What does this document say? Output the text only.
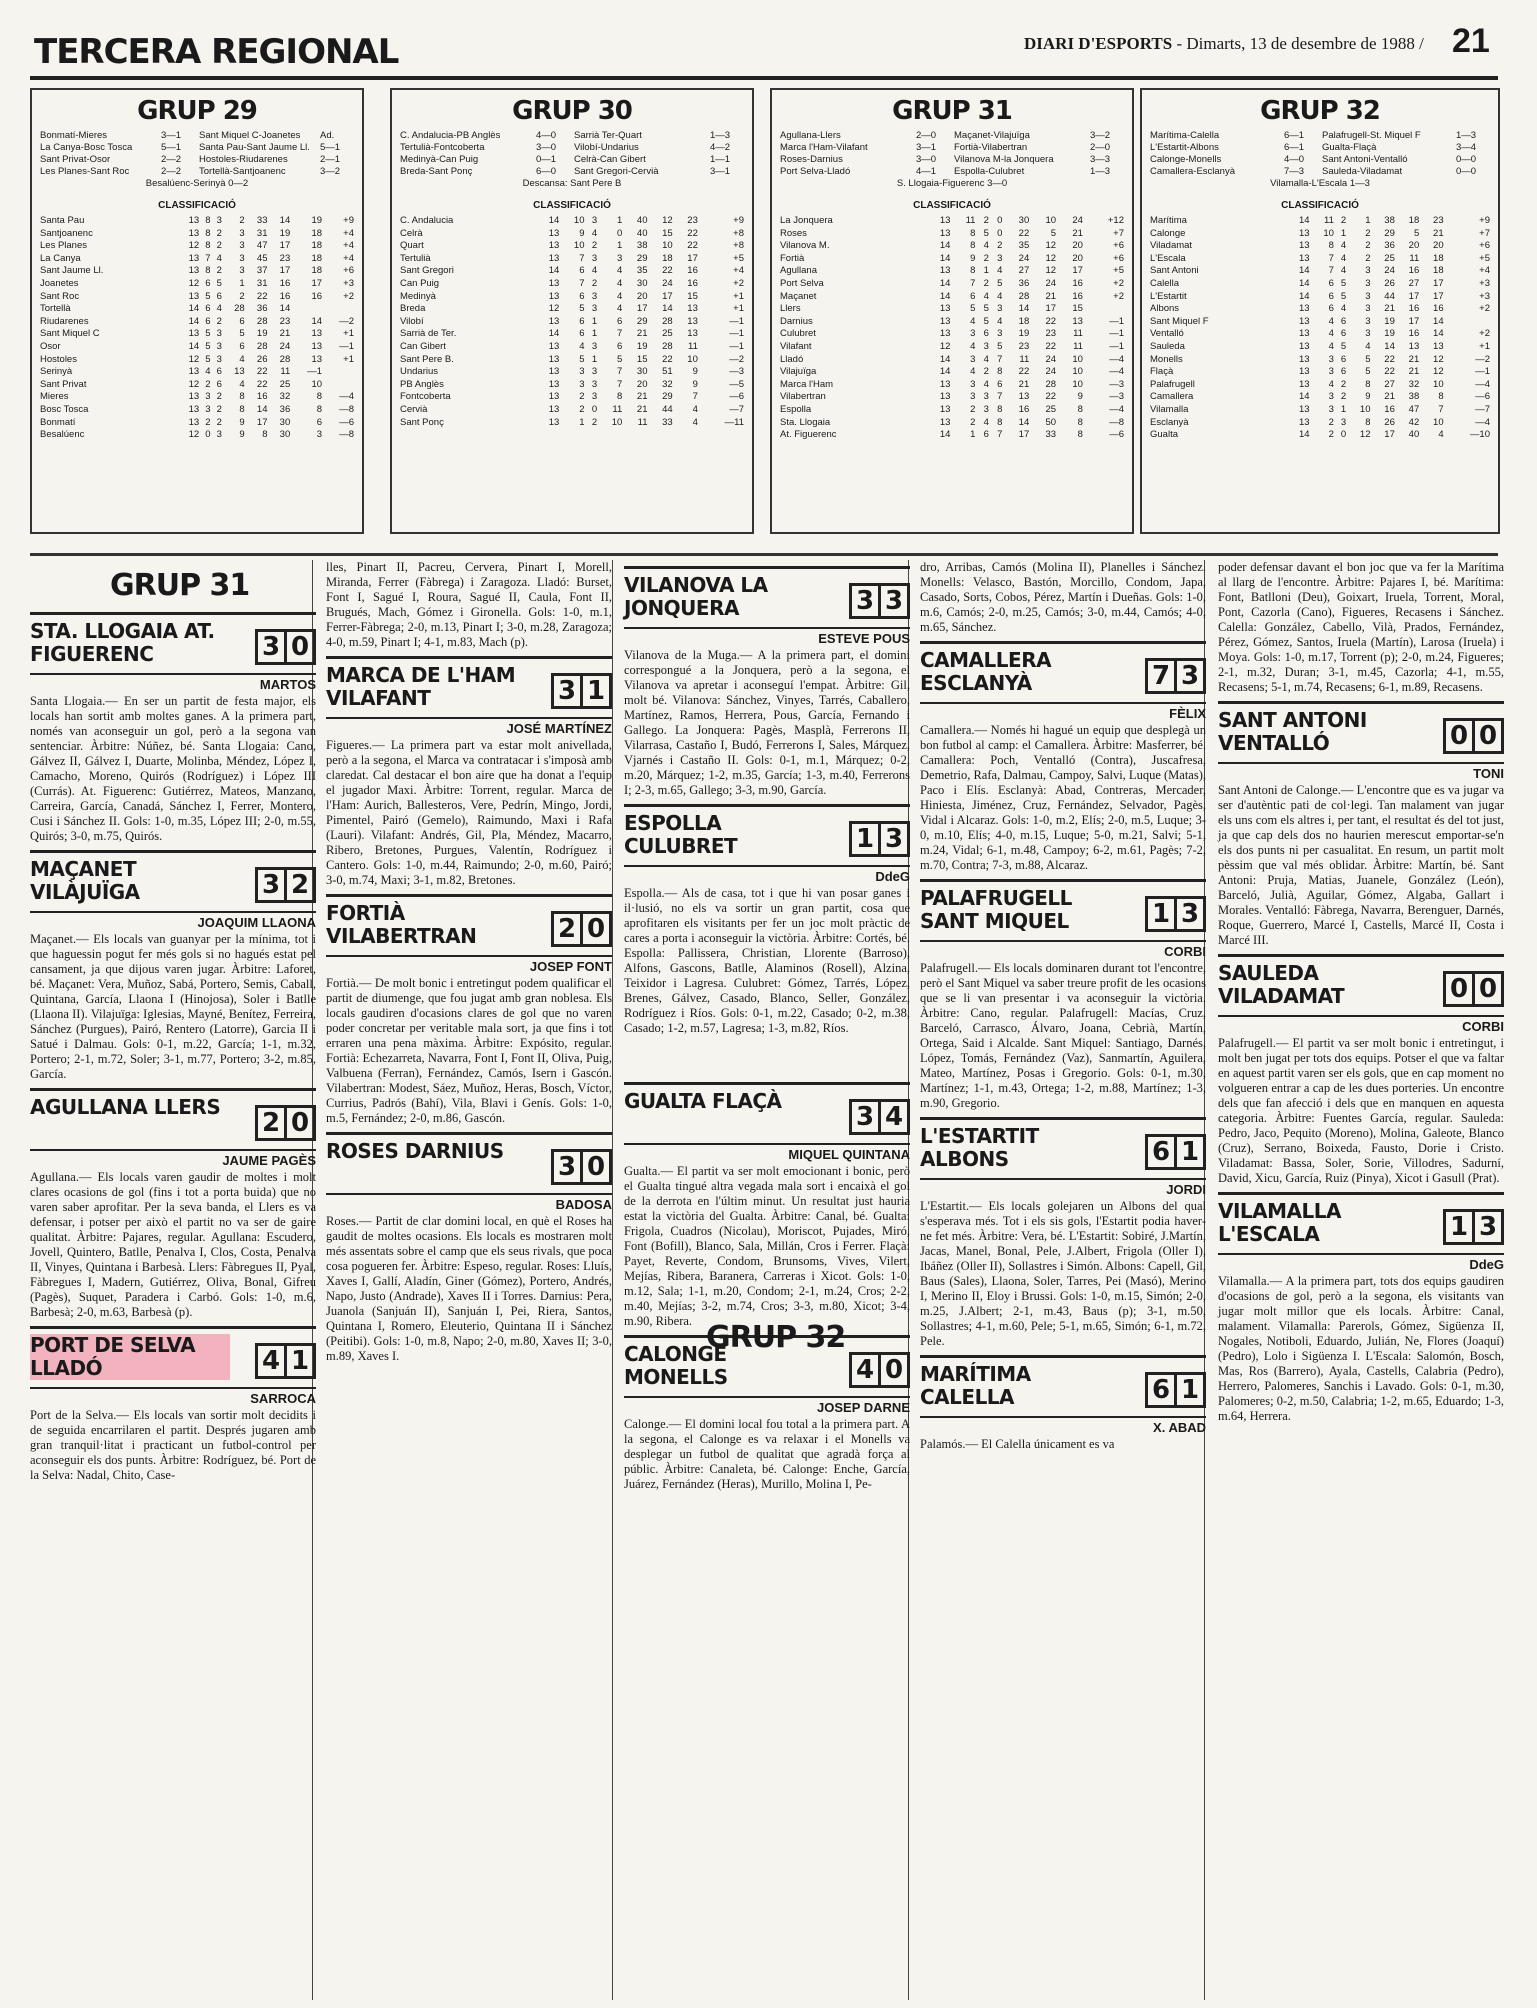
TERCERA REGIONAL	DIARI D'ESPORTS - Dimarts, 13 de desembre de 1988 / 21
GRUP 29
Bonmatí-Mieres	3—1	Sant Miquel C-Joanetes	Ad.
La Canya-Bosc Tosca	5—1	Santa Pau-Sant Jaume Ll.	5—1
Sant Privat-Osor	2—2	Hostoles-Riudarenes	2—1
Les Planes-Sant Roc	2—2	Tortellà-Santjoanenc	3—2
Besalúenc-Serinyà 0—2
CLASSIFICACIÓ
Santa Pau	13	8	3	2	33	14	19	+9
Santjoanenc	13	8	2	3	31	19	18	+4
Les Planes	12	8	2	3	47	17	18	+4
La Canya	13	7	4	3	45	23	18	+4
Sant Jaume Ll.	13	8	2	3	37	17	18	+6
Joanetes	12	6	5	1	31	16	17	+3
Sant Roc	13	5	6	2	22	16	16	+2
Tortellà	14	6	4	28	36	14		
Riudarenes	14	6	2	6	28	23	14	—2
Sant Miquel C	13	5	3	5	19	21	13	+1
Osor	14	5	3	6	28	24	13	—1
Hostoles	12	5	3	4	26	28	13	+1
Serinyà	13	4	6	13	22	11	—1	
Sant Privat	12	2	6	4	22	25	10	
Mieres	13	3	2	8	16	32	8	—4
Bosc Tosca	13	3	2	8	14	36	8	—8
Bonmatí	13	2	2	9	17	30	6	—6
Besalúenc	12	0	3	9	8	30	3	—8
GRUP 30
C. Andalucia-PB Anglès	4—0	Sarrià Ter-Quart	1—3
Tertulià-Fontcoberta	3—0	Vilobí-Undarius	4—2
Medinyà-Can Puig	0—1	Celrà-Can Gibert	1—1
Breda-Sant Ponç	6—0	Sant Gregori-Cervià	3—1
Descansa: Sant Pere B
CLASSIFICACIÓ
C. Andalucia	14	10	3	1	40	12	23	+9
Celrà	13	9	4	0	40	15	22	+8
Quart	13	10	2	1	38	10	22	+8
Tertulià	13	7	3	3	29	18	17	+5
Sant Gregori	14	6	4	4	35	22	16	+4
Can Puig	13	7	2	4	30	24	16	+2
Medinyà	13	6	3	4	20	17	15	+1
Breda	12	5	3	4	17	14	13	+1
Vilobí	13	6	1	6	29	28	13	—1
Sarrià de Ter.	14	6	1	7	21	25	13	—1
Can Gibert	13	4	3	6	19	28	11	—1
Sant Pere B.	13	5	1	5	15	22	10	—2
Undarius	13	3	3	7	30	51	9	—3
PB Anglès	13	3	3	7	20	32	9	—5
Fontcoberta	13	2	3	8	21	29	7	—6
Cervià	13	2	0	11	21	44	4	—7
Sant Ponç	13	1	2	10	11	33	4	—11
GRUP 31
Agullana-Llers	2—0	Maçanet-Vilajuïga	3—2
Marca l'Ham-Vilafant	3—1	Fortià-Vilabertran	2—0
Roses-Darnius	3—0	Vilanova M-la Jonquera	3—3
Port Selva-Lladó	4—1	Espolla-Culubret	1—3
S. Llogaia-Figuerenc 3—0
CLASSIFICACIÓ
La Jonquera	13	11	2	0	30	10	24	+12
Roses	13	8	5	0	22	5	21	+7
Vilanova M.	14	8	4	2	35	12	20	+6
Fortià	14	9	2	3	24	12	20	+6
Agullana	13	8	1	4	27	12	17	+5
Port Selva	14	7	2	5	36	24	16	+2
Maçanet	14	6	4	4	28	21	16	+2
Llers	13	5	5	3	14	17	15	
Darnius	13	4	5	4	18	22	13	—1
Culubret	13	3	6	3	19	23	11	—1
Vilafant	12	4	3	5	23	22	11	—1
Lladó	14	3	4	7	11	24	10	—4
Vilajuïga	14	4	2	8	22	24	10	—4
Marca l'Ham	13	3	4	6	21	28	10	—3
Vilabertran	13	3	3	7	13	22	9	—3
Espolla	13	2	3	8	16	25	8	—4
Sta. Llogaia	13	2	4	8	14	50	8	—8
At. Figuerenc	14	1	6	7	17	33	8	—6
GRUP 32
Marítima-Calella	6—1	Palafrugell-St. Miquel F	1—3
L'Estartit-Albons	6—1	Gualta-Flaçà	3—4
Calonge-Monells	4—0	Sant Antoni-Ventalló	0—0
Camallera-Esclanyà	7—3	Sauleda-Viladamat	0—0
Vilamalla-L'Escala 1—3
CLASSIFICACIÓ
Marítima	14	11	2	1	38	18	23	+9
Calonge	13	10	1	2	29	5	21	+7
Viladamat	13	8	4	2	36	20	20	+6
L'Escala	13	7	4	2	25	11	18	+5
Sant Antoni	14	7	4	3	24	16	18	+4
Calella	14	6	5	3	26	27	17	+3
L'Estartit	14	6	5	3	44	17	17	+3
Albons	13	6	4	3	21	16	16	+2
Sant Miquel F	13	4	6	3	19	17	14	
Ventalló	13	4	6	3	19	16	14	+2
Sauleda	13	4	5	4	14	13	13	+1
Monells	13	3	6	5	22	21	12	—2
Flaçà	13	3	6	5	22	21	12	—1
Palafrugell	13	4	2	8	27	32	10	—4
Camallera	14	3	2	9	21	38	8	—6
Vilamalla	13	3	1	10	16	47	7	—7
Esclanyà	13	2	3	8	26	42	10	—4
Gualta	14	2	0	12	17	40	4	—10
GRUP 31
STA. LLOGAIA AT. FIGUERENC	3 0
MARTOS

Santa Llogaia.— En ser un partit de festa major, els locals han sortit amb moltes ganes. A la primera part, només van aconseguir un gol, però a la segona van sentenciar. Àrbitre: Núñez, bé. Santa Llogaia: Cano, Gálvez II, Gálvez I, Duarte, Molinba, Méndez, López I, Camacho, Moreno, Quirós (Rodríguez) i López III (Currás). At. Figuerenc: Gutiérrez, Mateos, Manzano, Carreira, García, Canadá, Sánchez I, Ferrer, Montero, Cusi i Sánchez II. Gols: 1-0, m.35, López III; 2-0, m.55, Quirós; 3-0, m.75, Quirós.

MAÇANET VILÀJUÏGA	3 2
JOAQUIM LLAONA

Maçanet.— Els locals van guanyar per la mínima, tot i que haguessin pogut fer més gols si no hagués estat pel cansament, ja que dijous varen jugar. Àrbitre: Laforet, bé. Maçanet: Vera, Muñoz, Sabá, Portero, Semis, Caball, Quintana, García, Llaona I (Hinojosa), Soler i Batlle (Llaona II). Vilajuïga: Iglesias, Mayné, Benítez, Ferreira, Sánchez (Purgues), Pairó, Rentero (Latorre), Garcia II i Satué i Dalmau. Gols: 0-1, m.22, García; 1-1, m.32, Portero; 2-1, m.72, Soler; 3-1, m.77, Portero; 3-2, m.85, García.

AGULLANA LLERS
2 0
JAUME PAGÈS

Agullana.— Els locals varen gaudir de moltes i molt clares ocasions de gol (fins i tot a porta buida) que no varen saber aprofitar. Per la seva banda, el Llers es va defensar, i potser per això el partit no va ser de gaire qualitat. Àrbitre: Pajares, regular. Agullana: Escudero, Jovell, Quintero, Batlle, Penalva I, Clos, Costa, Penalva II, Vinyes, Quintana i Barbesà. Llers: Fàbregues II, Pyal, Fàbregues I, Madern, Gutiérrez, Oliva, Bonal, Gifreu (Pagès), Suquet, Paradera i Carbó. Gols: 1-0, m.6, Barbesà; 2-0, m.63, Barbesà (p).

PORT DE SELVA LLADÓ	4 1
SARROCA

Port de la Selva.— Els locals van sortir molt decidits i de seguida encarrilaren el partit. Després jugaren amb gran tranquil·litat i practicant un futbol-control per aconseguir els dos punts. Àrbitre: Rodríguez, bé. Port de la Selva: Nadal, Chito, Case-

lles, Pinart II, Pacreu, Cervera, Pinart I, Morell, Miranda, Ferrer (Fàbrega) i Zaragoza. Lladó: Burset, Font I, Sagué I, Roura, Sagué II, Caula, Font II, Brugués, Mach, Gómez i Gironella. Gols: 1-0, m.1, Ferrer-Fàbrega; 2-0, m.13, Pinart I; 3-0, m.28, Zaragoza; 4-0, m.59, Pinart I; 4-1, m.83, Mach (p).

MARCA DE L'HAM VILAFANT	3 1
JOSÉ MARTÍNEZ

Figueres.— La primera part va estar molt anivellada, però a la segona, el Marca va contratacar i s'imposà amb claredat. Cal destacar el bon aire que ha donat a l'equip el jugador Maxi. Àrbitre: Torrent, regular. Marca de l'Ham: Aurich, Ballesteros, Vere, Pedrín, Mingo, Jordi, Pimentel, Pairó (Gemelo), Raimundo, Maxi i Rafa (Lauri). Vilafant: Andrés, Gil, Pla, Méndez, Macarro, Ribero, Bretones, Purgues, Valentín, Rodríguez i Cantero. Gols: 1-0, m.44, Raimundo; 2-0, m.60, Pairó; 3-0, m.74, Maxi; 3-1, m.82, Bretones.

FORTIÀ VILABERTRAN	2 0
JOSEP FONT

Fortià.— De molt bonic i entretingut podem qualificar el partit de diumenge, que fou jugat amb gran noblesa. Els locals gaudiren d'ocasions clares de gol que no varen poder concretar per veritable mala sort, ja que fins i tot erraren una pena màxima. Àrbitre: Expósito, regular. Fortià: Echezarreta, Navarra, Font I, Font II, Oliva, Puig, Valbuena (Ferran), Fernández, Camós, Isern i Gascón. Vilabertran: Modest, Sáez, Muñoz, Heras, Bosch, Víctor, Currius, Padrós (Bahí), Vila, Blavi i Genís. Gols: 1-0, m.5, Fernández; 2-0, m.86, Gascón.

ROSES DARNIUS
3 0
BADOSA

Roses.— Partit de clar domini local, en què el Roses ha gaudit de moltes ocasions. Els locals es mostraren molt més assentats sobre el camp que els seus rivals, que poca cosa pogueren fer. Àrbitre: Espeso, regular. Roses: Lluís, Xaves I, Gallí, Aladín, Giner (Gómez), Portero, Andrés, Napo, Justo (Andrade), Xaves II i Torres. Darnius: Pera, Juanola (Sanjuán II), Sanjuán I, Pei, Riera, Santos, Quintana I, Romero, Eleuterio, Quintana II i Sánchez (Peitibi). Gols: 1-0, m.8, Napo; 2-0, m.80, Xaves II; 3-0, m.89, Xaves I.

VILANOVA LA JONQUERA	3 3
ESTEVE POUS

Vilanova de la Muga.— A la primera part, el domini correspongué a la Jonquera, però a la segona, el Vilanova va apretar i aconseguí l'empat. Àrbitre: Gil, molt bé. Vilanova: Sánchez, Vinyes, Tarrés, Caballero, Martínez, Ramos, Herrera, Pous, García, Fernando i Gallego. La Jonquera: Pagès, Masplà, Ferrerons II, Vilarrasa, Castaño I, Budó, Ferrerons I, Sales, Márquez, Vjarnés i Castaño II. Gols: 0-1, m.1, Márquez; 0-2, m.20, Márquez; 1-2, m.35, García; 1-3, m.40, Ferrerons I; 2-3, m.65, Gallego; 3-3, m.90, García.

ESPOLLA CULUBRET	1 3
DdeG

Espolla.— Als de casa, tot i que hi van posar ganes i il·lusió, no els va sortir un gran partit, cosa que aprofitaren els visitants per fer un joc molt pràctic de cares a porta i aconseguir la victòria. Àrbitre: Cortés, bé. Espolla: Pallissera, Christian, Llorente (Barroso), Alfons, Gascons, Batlle, Alaminos (Rosell), Alzina, Teixidor i Lagresa. Culubret: Gómez, Tarrés, López, Brenes, Gálvez, Casado, Blanco, Seller, González, Rodríguez i Ríos. Gols: 0-1, m.22, Casado; 0-2, m.38, Casado; 1-2, m.57, Lagresa; 1-3, m.82, Ríos.

GUALTA FLAÇÀ
3 4
MIQUEL QUINTANA

Gualta.— El partit va ser molt emocionant i bonic, però el Gualta tingué altra vegada mala sort i encaixà el gol de la derrota en l'últim minut. Un resultat just hauria estat la victòria del Gualta. Àrbitre: Canal, bé. Gualta: Frigola, Cuadros (Nicolau), Moriscot, Pujades, Miró, Font (Bofill), Blanco, Sala, Millán, Cros i Ferrer. Flaçà: Payet, Reverte, Condom, Brunsoms, Vives, Vilert, Mejías, Ribera, Baranera, Carreras i Xicot. Gols: 1-0, m.12, Sala; 1-1, m.20, Condom; 2-1, m.24, Cros; 2-2, m.40, Mejías; 3-2, m.74, Cros; 3-3, m.80, Xicot; 3-4, m.90, Ribera.

CALONGE MONELLS	4 0
JOSEP DARNE

Calonge.— El domini local fou total a la primera part. A la segona, el Calonge es va relaxar i el Monells va desplegar un futbol de qualitat que agradà força al públic. Àrbitre: Canaleta, bé. Calonge: Enche, García, Juárez, Fernández (Heras), Murillo, Molina I, Pe-

dro, Arribas, Camós (Molina II), Planelles i Sánchez. Monells: Velasco, Bastón, Morcillo, Condom, Japa, Casado, Sorts, Cobos, Pérez, Martín i Dueñas. Gols: 1-0, m.6, Camós; 2-0, m.25, Camós; 3-0, m.44, Camós; 4-0, m.65, Sánchez.

CAMALLERA ESCLANYÀ	7 3
FÈLIX

Camallera.— Només hi hagué un equip que desplegà un bon futbol al camp: el Camallera. Àrbitre: Masferrer, bé. Camallera: Poch, Ventalló (Contra), Juscafresa, Demetrio, Rafa, Dalmau, Campoy, Salvi, Luque (Matas), Paco i Elís. Esclanyà: Abad, Contreras, Mercader, Hiniesta, Jiménez, Cruz, Fernández, Selvador, Pagès, Vidal i Alcaraz. Gols: 1-0, m.2, Elís; 2-0, m.5, Luque; 3-0, m.10, Elís; 4-0, m.15, Luque; 5-0, m.21, Salvi; 5-1, m.24, Vidal; 6-1, m.48, Campoy; 6-2, m.61, Pagès; 7-2, m.70, Contra; 7-3, m.88, Alcaraz.

PALAFRUGELL SANT MIQUEL	1 3
CORBI

Palafrugell.— Els locals dominaren durant tot l'encontre, però el Sant Miquel va saber treure profit de les ocasions que se li van presentar i va aconseguir la victòria. Àrbitre: Cano, regular. Palafrugell: Macías, Cruz, Barceló, Carrasco, Álvaro, Joana, Cebrià, Martín, Ortega, Said i Alcalde. Sant Miquel: Santiago, Darnés, López, Tomás, Fernández (Vaz), Sanmartín, Aguilera, Mateo, Martínez, Posas i Gregorio. Gols: 0-1, m.30, Martínez; 1-1, m.43, Ortega; 1-2, m.88, Martínez; 1-3, m.90, Gregorio.

L'ESTARTIT ALBONS	6 1
JORDI

L'Estartit.— Els locals golejaren un Albons del qual s'esperava més. Tot i els sis gols, l'Estartit podia haver-ne fet més. Àrbitre: Vera, bé. L'Estartit: Sobiré, J.Martín, Jacas, Manel, Bonal, Pele, J.Albert, Frigola (Oller I), Ibáñez (Oller II), Sollastres i Simón. Albons: Capell, Gil, Baus (Sales), Llaona, Soler, Tarres, Pei (Masó), Merino I, Merino II, Eloy i Brussi. Gols: 1-0, m.15, Simón; 2-0, m.25, J.Albert; 2-1, m.43, Baus (p); 3-1, m.50, Sollastres; 4-1, m.60, Pele; 5-1, m.65, Simón; 6-1, m.72, Pele.

MARÍTIMA CALELLA	6 1
X. ABAD

Palamós.— El Calella únicament es va

poder defensar davant el bon joc que va fer la Marítima al llarg de l'encontre. Àrbitre: Pajares I, bé. Marítima: Font, Batlloni (Deu), Goixart, Iruela, Torrent, Moral, Pont, Cazorla (Cano), Figueres, Recasens i Sánchez. Calella: González, Cabello, Vilà, Prados, Fernández, Pérez, Gómez, Santos, Iruela (Martín), Larosa (Iruela) i Moya. Gols: 1-0, m.17, Torrent (p); 2-0, m.24, Figueres; 2-1, m.32, Duran; 3-1, m.45, Cazorla; 4-1, m.55, Recasens; 5-1, m.74, Recasens; 6-1, m.89, Recasens.

SANT ANTONI VENTALLÓ	0 0
TONI

Sant Antoni de Calonge.— L'encontre que es va jugar va ser d'autèntic pati de col·legi. Tan malament van jugar els uns com els altres i, per tant, el resultat és del tot just, ja que cap dels dos no haurien merescut emportar-se'n els dos punts ni per casualitat. En resum, un partit molt pèssim que val més oblidar. Àrbitre: Martín, bé. Sant Antoni: Pruja, Matias, Juanele, González (León), Barceló, Julià, Aguilar, Gómez, Algaba, Gallart i Morales. Ventalló: Fàbrega, Navarra, Berenguer, Darnés, Roque, Guerrero, Marcé I, Castells, Marcé II, Costa i Marcé III.

SAULEDA VILADAMAT	0 0
CORBI

Palafrugell.— El partit va ser molt bonic i entretingut, i molt ben jugat per tots dos equips. Potser el que va faltar en aquest partit varen ser els gols, que en cap moment no volgueren entrar a cap de les dues porteries. Un encontre dels que fan afecció i dels que en manquen en aquesta categoria. Àrbitre: Fuentes García, regular. Sauleda: Pedro, Jaco, Pequito (Moreno), Molina, Galeote, Blanco (Cruz), Serrano, Boixeda, Fausto, Dorie i Cristo. Viladamat: Bassa, Soler, Sorie, Villodres, Sadurní, David, Xicu, García, Ruiz (Pinya), Xicot i Gasull (Prat).

VILAMALLA L'ESCALA	1 3
DdeG

Vilamalla.— A la primera part, tots dos equips gaudiren d'ocasions de gol, però a la segona, els visitants van jugar molt millor que els locals. Àrbitre: Canal, malament. Vilamalla: Parerols, Gómez, Sigüenza II, Nogales, Notiboli, Eduardo, Julián, Ne, Flores (Joaquí) (Pedro), Lolo i Sigüenza I. L'Escala: Salomón, Bosch, Mas, Ros (Barrero), Ayala, Castells, Calabria (Pedro), Herrero, Palomeres, Sanchis i Lavado. Gols: 0-1, m.30, Palomeres; 0-2, m.50, Calabria; 1-2, m.65, Eduardo; 1-3, m.64, Herrera.

GRUP 32
